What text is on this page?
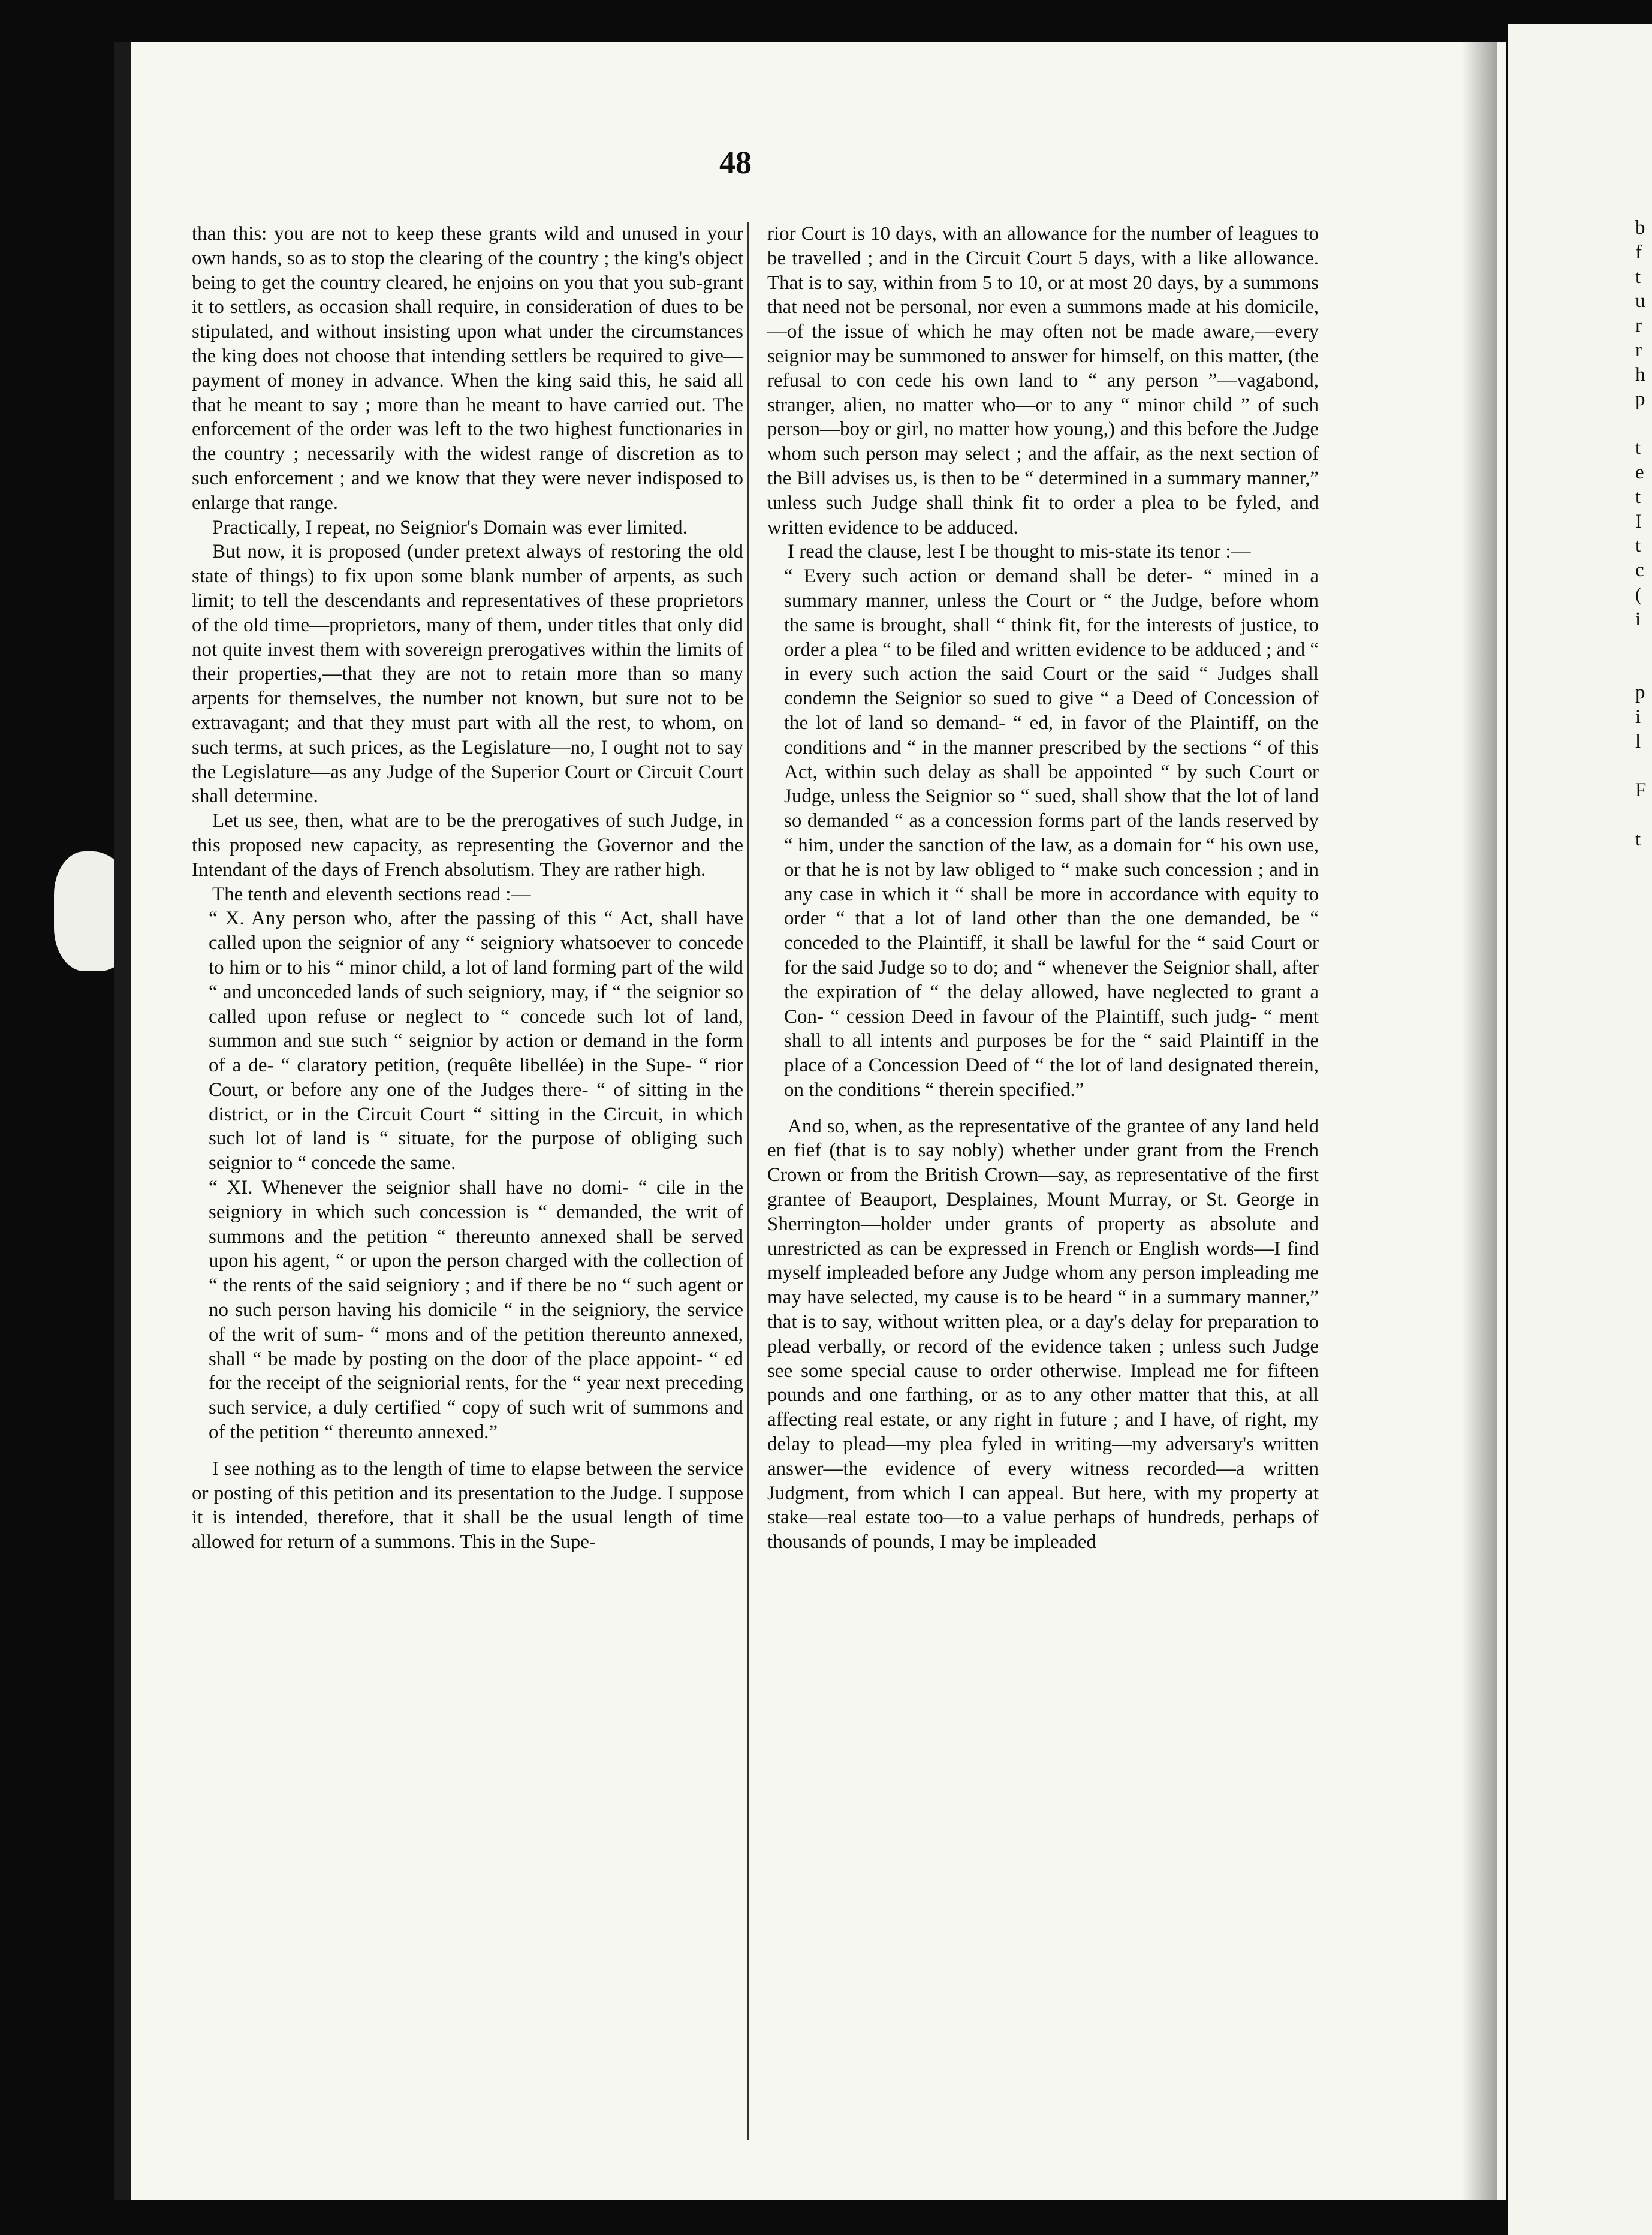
48

than this: you are not to keep these grants wild and unused in your own hands, so as to stop the clearing of the country ; the king's object being to get the country cleared, he enjoins on you that you sub-grant it to settlers, as occasion shall require, in consideration of dues to be stipulated, and without insisting upon what under the circumstances the king does not choose that intending settlers be required to give— payment of money in advance. When the king said this, he said all that he meant to say ; more than he meant to have carried out. The enforcement of the order was left to the two highest functionaries in the country ; necessarily with the widest range of discretion as to such enforcement ; and we know that they were never indisposed to enlarge that range.

Practically, I repeat, no Seignior's Domain was ever limited.

But now, it is proposed (under pretext always of restoring the old state of things) to fix upon some blank number of arpents, as such limit; to tell the descendants and representatives of these proprietors of the old time—proprietors, many of them, under titles that only did not quite invest them with sovereign prerogatives within the limits of their properties,—that they are not to retain more than so many arpents for themselves, the number not known, but sure not to be extravagant; and that they must part with all the rest, to whom, on such terms, at such prices, as the Legislature—no, I ought not to say the Legislature—as any Judge of the Superior Court or Circuit Court shall determine.

Let us see, then, what are to be the prerogatives of such Judge, in this proposed new capacity, as representing the Governor and the Intendant of the days of French absolutism. They are rather high.

The tenth and eleventh sections read :—

“ X. Any person who, after the passing of this “ Act, shall have called upon the seignior of any “ seigniory whatsoever to concede to him or to his “ minor child, a lot of land forming part of the wild “ and unconceded lands of such seigniory, may, if “ the seignior so called upon refuse or neglect to “ concede such lot of land, summon and sue such “ seignior by action or demand in the form of a de- “ claratory petition, (requête libellée) in the Supe- “ rior Court, or before any one of the Judges there- “ of sitting in the district, or in the Circuit Court “ sitting in the Circuit, in which such lot of land is “ situate, for the purpose of obliging such seignior to “ concede the same.

“ XI. Whenever the seignior shall have no domi- “ cile in the seigniory in which such concession is “ demanded, the writ of summons and the petition “ thereunto annexed shall be served upon his agent, “ or upon the person charged with the collection of “ the rents of the said seigniory ; and if there be no “ such agent or no such person having his domicile “ in the seigniory, the service of the writ of sum- “ mons and of the petition thereunto annexed, shall “ be made by posting on the door of the place appoint- “ ed for the receipt of the seigniorial rents, for the “ year next preceding such service, a duly certified “ copy of such writ of summons and of the petition “ thereunto annexed.”

I see nothing as to the length of time to elapse between the service or posting of this petition and its presentation to the Judge. I suppose it is intended, therefore, that it shall be the usual length of time allowed for return of a summons. This in the Supe-

rior Court is 10 days, with an allowance for the number of leagues to be travelled ; and in the Circuit Court 5 days, with a like allowance. That is to say, within from 5 to 10, or at most 20 days, by a summons that need not be personal, nor even a summons made at his domicile,—of the issue of which he may often not be made aware,—every seignior may be summoned to answer for himself, on this matter, (the refusal to con cede his own land to “ any person ”—vagabond, stranger, alien, no matter who—or to any “ minor child ” of such person—boy or girl, no matter how young,) and this before the Judge whom such person may select ; and the affair, as the next section of the Bill advises us, is then to be “ determined in a summary manner,” unless such Judge shall think fit to order a plea to be fyled, and written evidence to be adduced.

I read the clause, lest I be thought to mis-state its tenor :—

“ Every such action or demand shall be deter- “ mined in a summary manner, unless the Court or “ the Judge, before whom the same is brought, shall “ think fit, for the interests of justice, to order a plea “ to be filed and written evidence to be adduced ; and “ in every such action the said Court or the said “ Judges shall condemn the Seignior so sued to give “ a Deed of Concession of the lot of land so demand- “ ed, in favor of the Plaintiff, on the conditions and “ in the manner prescribed by the sections “ of this Act, within such delay as shall be appointed “ by such Court or Judge, unless the Seignior so “ sued, shall show that the lot of land so demanded “ as a concession forms part of the lands reserved by “ him, under the sanction of the law, as a domain for “ his own use, or that he is not by law obliged to “ make such concession ; and in any case in which it “ shall be more in accordance with equity to order “ that a lot of land other than the one demanded, be “ conceded to the Plaintiff, it shall be lawful for the “ said Court or for the said Judge so to do; and “ whenever the Seignior shall, after the expiration of “ the delay allowed, have neglected to grant a Con- “ cession Deed in favour of the Plaintiff, such judg- “ ment shall to all intents and purposes be for the “ said Plaintiff in the place of a Concession Deed of “ the lot of land designated therein, on the conditions “ therein specified.”

And so, when, as the representative of the grantee of any land held en fief (that is to say nobly) whether under grant from the French Crown or from the British Crown—say, as representative of the first grantee of Beauport, Desplaines, Mount Murray, or St. George in Sherrington—holder under grants of property as absolute and unrestricted as can be expressed in French or English words—I find myself impleaded before any Judge whom any person impleading me may have selected, my cause is to be heard “ in a summary manner,” that is to say, without written plea, or a day's delay for preparation to plead verbally, or record of the evidence taken ; unless such Judge see some special cause to order otherwise. Implead me for fifteen pounds and one farthing, or as to any other matter that this, at all affecting real estate, or any right in future ; and I have, of right, my delay to plead—my plea fyled in writing—my adversary's written answer—the evidence of every witness recorded—a written Judgment, from which I can appeal. But here, with my property at stake—real estate too—to a value perhaps of hundreds, perhaps of thousands of pounds, I may be impleaded

b
f
t
u
r
r
h
p
t
e
t
I
t
c
(
i
p
i
l
F
t
